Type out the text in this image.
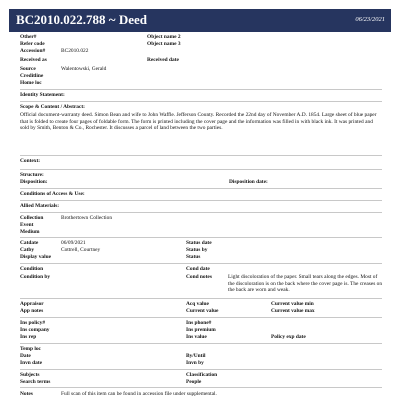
BC2010.022.788 ~ Deed	06/23/2021
Other#	Object name 2
Refer code	Object name 3
Accession#	BC2010.022
Received as	Received date
Source	Walentowski, Gerald
Creditline
Home loc
Identity Statement:
Scope & Content / Abstract:
Official document-warranty deed. Simon Bean and wife to John Waffle. Jefferson County. Recorded the 22nd day of November A.D. 1854. Large sheet of blue paper that is folded to create four pages of foldable form. The form is printed including the cover page and the information was filled in with black ink. It was printed and sold by Smith, Benton & Co., Rochester. It discusses a parcel of land between the two parties.
Context:
Structure:
Disposition:	Disposition date:
Conditions of Access & Use:
Allied Materials:
Collection	Brothertown Collection
Event
Medium
Catdate	06/09/2021	Status date
Catby	Cottrell, Courtney	Status by
Display value	Status
Condition	Cond date
Condition by	Cond notes	Light discoloration of the paper. Small tears along the edges. Most of the discoloration is on the back where the cover page is. The creases on the back are worn and weak.
Appraisor	Acq value	Current value min
App notes	Current value	Current value max
Ins policy#	Ins phone#
Ins company	Ins premium
Ins rep	Ins value	Policy exp date
Temp loc
Date	By/Until
Invn date	Invn by
Subjects	Classification
Search terms	People
Notes	Full scan of this item can be found in accession file under supplemental.
